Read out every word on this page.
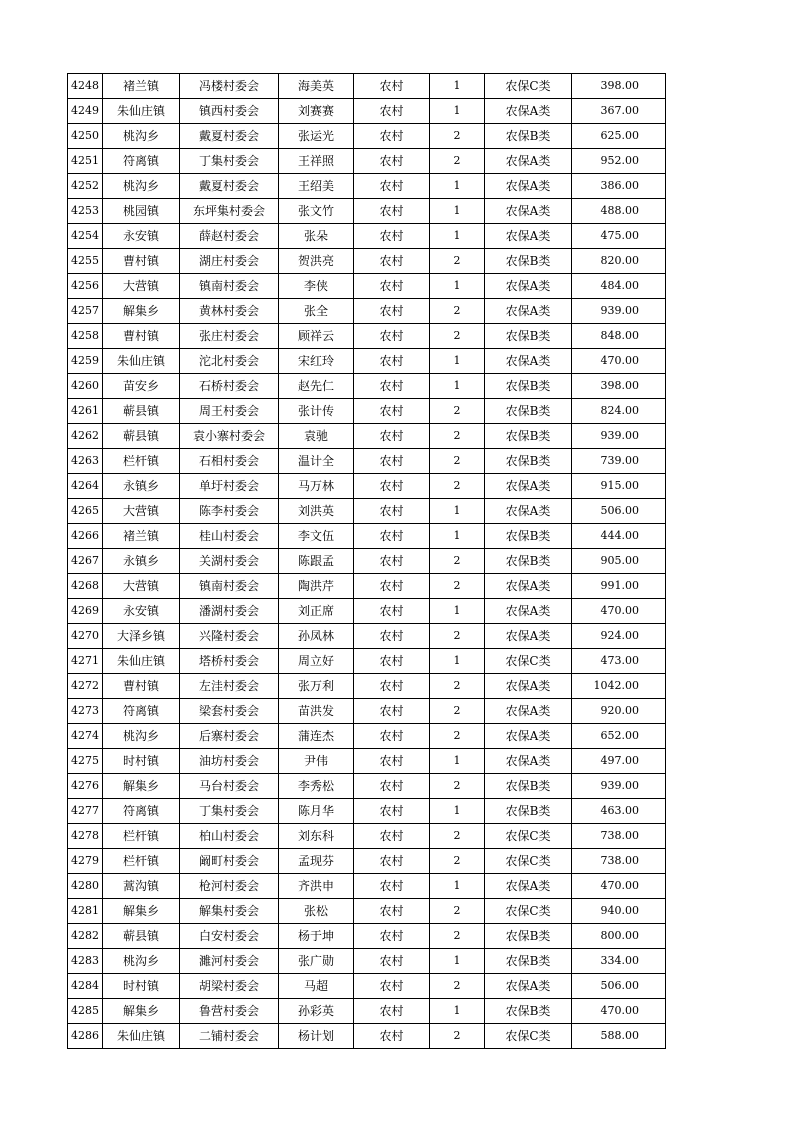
4248	褚兰镇	冯楼村委会	海美英	农村	1	农保C类	398.00
4249	朱仙庄镇	镇西村委会	刘赛赛	农村	1	农保A类	367.00
4250	桃沟乡	戴夏村委会	张运光	农村	2	农保B类	625.00
4251	符离镇	丁集村委会	王祥照	农村	2	农保A类	952.00
4252	桃沟乡	戴夏村委会	王绍美	农村	1	农保A类	386.00
4253	桃园镇	东坪集村委会	张文竹	农村	1	农保A类	488.00
4254	永安镇	薛赵村委会	张朵	农村	1	农保A类	475.00
4255	曹村镇	湖庄村委会	贺洪亮	农村	2	农保B类	820.00
4256	大营镇	镇南村委会	李侠	农村	1	农保A类	484.00
4257	解集乡	黄林村委会	张全	农村	2	农保A类	939.00
4258	曹村镇	张庄村委会	顾祥云	农村	2	农保B类	848.00
4259	朱仙庄镇	沱北村委会	宋红玲	农村	1	农保A类	470.00
4260	苗安乡	石桥村委会	赵先仁	农村	1	农保B类	398.00
4261	蕲县镇	周王村委会	张计传	农村	2	农保B类	824.00
4262	蕲县镇	袁小寨村委会	袁驰	农村	2	农保B类	939.00
4263	栏杆镇	石相村委会	温计全	农村	2	农保B类	739.00
4264	永镇乡	单圩村委会	马万林	农村	2	农保A类	915.00
4265	大营镇	陈李村委会	刘洪英	农村	1	农保A类	506.00
4266	褚兰镇	桂山村委会	李文伍	农村	1	农保B类	444.00
4267	永镇乡	关湖村委会	陈跟孟	农村	2	农保B类	905.00
4268	大营镇	镇南村委会	陶洪芹	农村	2	农保A类	991.00
4269	永安镇	潘湖村委会	刘正席	农村	1	农保A类	470.00
4270	大泽乡镇	兴隆村委会	孙凤林	农村	2	农保A类	924.00
4271	朱仙庄镇	塔桥村委会	周立好	农村	1	农保C类	473.00
4272	曹村镇	左洼村委会	张万利	农村	2	农保A类	1042.00
4273	符离镇	梁套村委会	苗洪发	农村	2	农保A类	920.00
4274	桃沟乡	后寨村委会	蒲连杰	农村	2	农保A类	652.00
4275	时村镇	油坊村委会	尹伟	农村	1	农保A类	497.00
4276	解集乡	马台村委会	李秀松	农村	2	农保B类	939.00
4277	符离镇	丁集村委会	陈月华	农村	1	农保B类	463.00
4278	栏杆镇	柏山村委会	刘东科	农村	2	农保C类	738.00
4279	栏杆镇	阚町村委会	孟现芬	农村	2	农保C类	738.00
4280	蒿沟镇	枪河村委会	齐洪申	农村	1	农保A类	470.00
4281	解集乡	解集村委会	张松	农村	2	农保C类	940.00
4282	蕲县镇	白安村委会	杨于坤	农村	2	农保B类	800.00
4283	桃沟乡	濉河村委会	张广勋	农村	1	农保B类	334.00
4284	时村镇	胡梁村委会	马超	农村	2	农保A类	506.00
4285	解集乡	鲁营村委会	孙彩英	农村	1	农保B类	470.00
4286	朱仙庄镇	二铺村委会	杨计划	农村	2	农保C类	588.00
